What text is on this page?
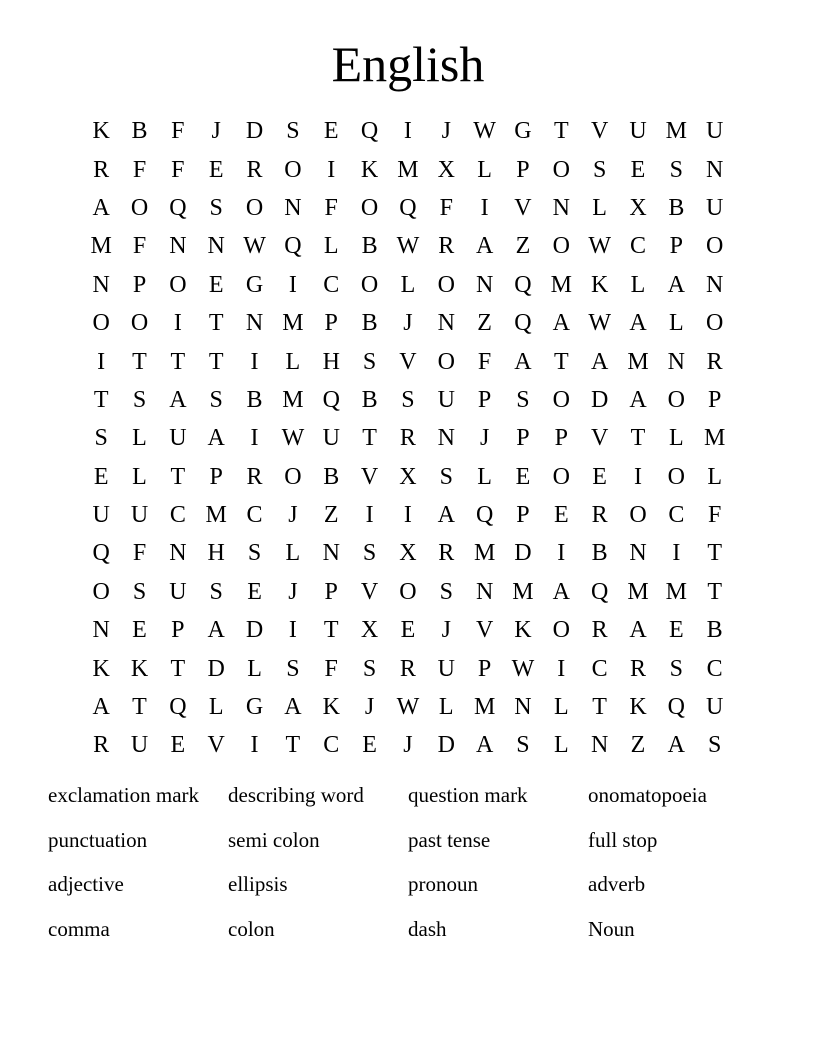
English
K B F	J	D S	E Q	I	J W G T V U M U
R F	F	E R O	I	K M X L	P O S	E	S N
A O Q S O N F O Q F	I	V N L X B U
M F N N W Q L B W R A Z O W C P O
N P O E G	I	C O L O N Q M K L A N
O O	I	T N M P B	J	N Z Q A W A L O
I	T T T	I	L H S V O F A T A M N R
T	S A S B M Q B S U P	S O D A O P
S	L U A	I W U T R N	J	P	P V T L M
E L T	P R O B V X S	L E O E	I	O L
U U C M C	J	Z	I	I	A Q P	E R O C F
Q F N H S	L N S X R M D	I	B N	I	T
O S U S	E	J	P V O S N M A Q M M T
N E	P A D	I	T X E	J	V K O R A E B
K K T D L	S	F	S R U P W I	C R S C
A T Q L G A K	J W L M N L T K Q U
R U E V	I	T C E	J	D A S	L N Z A S
exclamation mark	describing word	question mark	onomatopoeia
punctuation	semi colon	past tense	full stop
adjective	ellipsis	pronoun	adverb
comma	colon	dash	Noun
